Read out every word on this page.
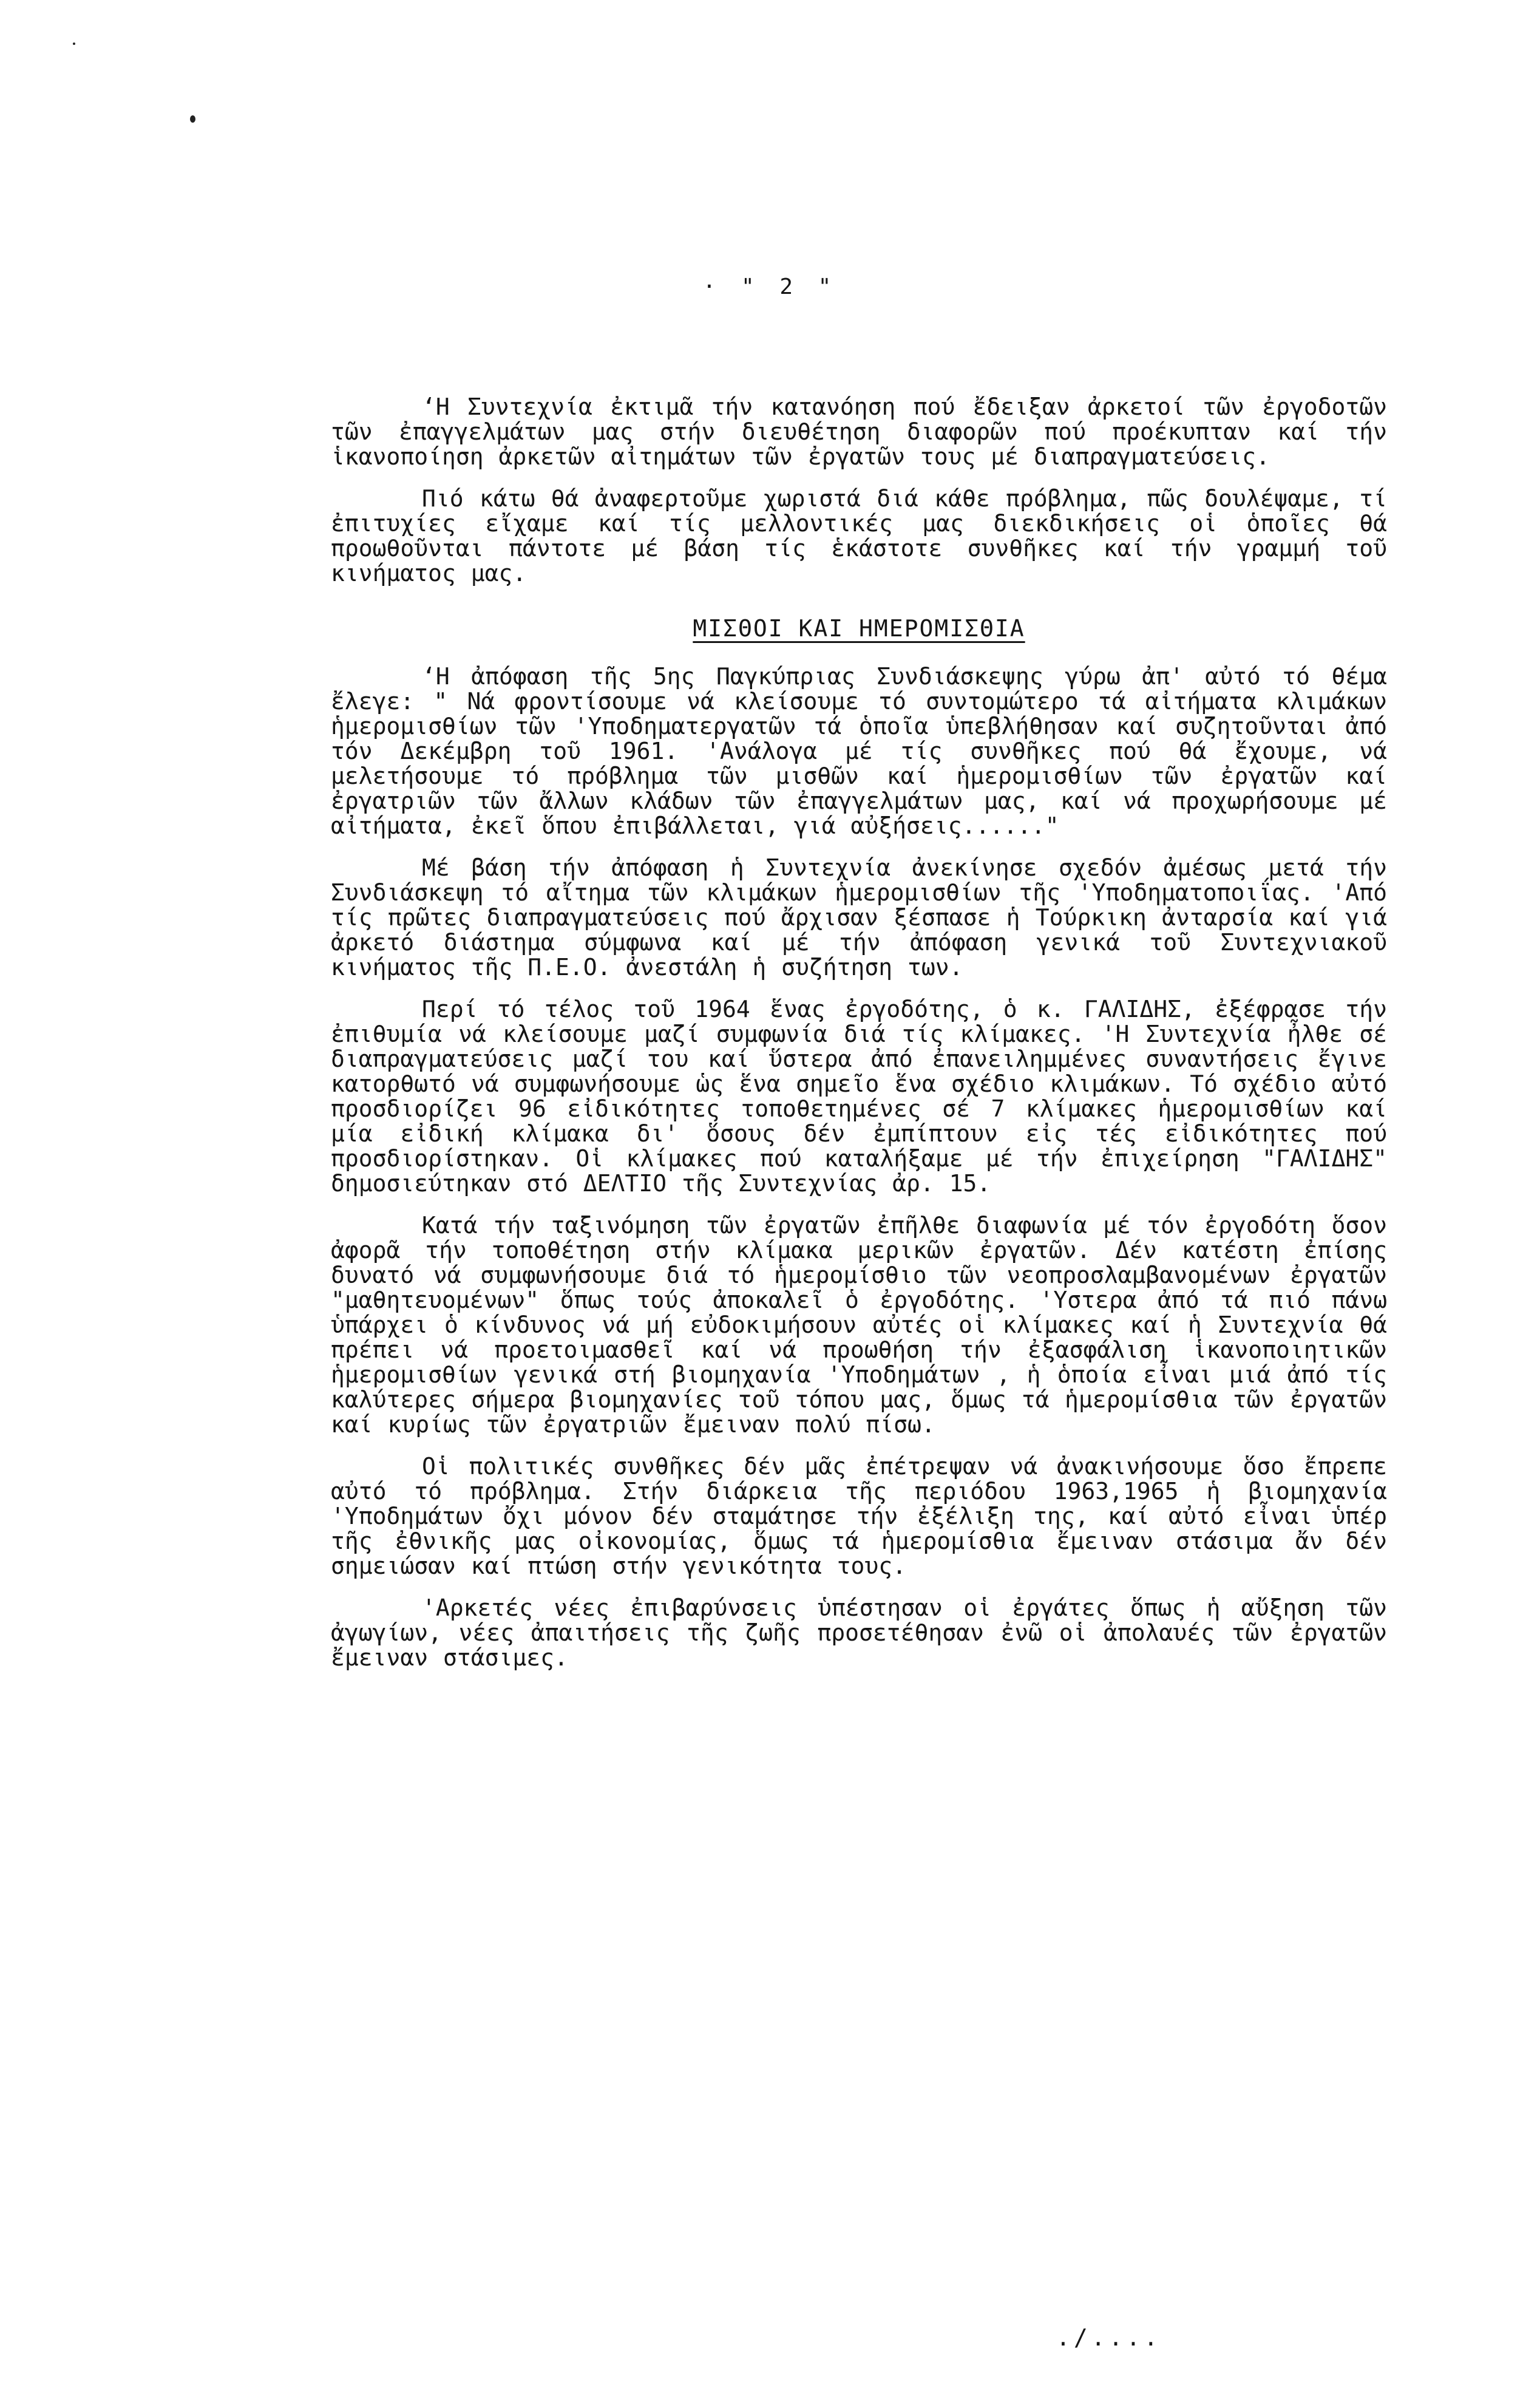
· " 2 "

‘Η Συντεχνία ἐκτιμᾶ τήν κατανόηση πού ἔδειξαν ἀρκετοί τῶν ἐργοδοτῶν τῶν ἐπαγγελμάτων μας στήν διευθέτηση διαφορῶν πού προέκυπταν καί τήν ἱκανοποίηση ἀρκετῶν αἰτημάτων τῶν ἐργατῶν τους μέ διαπραγματεύσεις.

Πιό κάτω θά ἀναφερτοῦμε χωριστά διά κάθε πρόβλημα, πῶς δουλέψαμε, τί ἐπιτυχίες εἴχαμε καί τίς μελλοντικές μας διεκδικήσεις οἱ ὁποῖες θά προωθοῦνται πάντοτε μέ βάση τίς ἑκάστοτε συνθῆκες καί τήν γραμμή τοῦ κινήματος μας.

ΜΙΣΘΟΙ ΚΑΙ ΗΜΕΡΟΜΙΣΘΙΑ

‘Η ἀπόφαση τῆς 5ης Παγκύπριας Συνδιάσκεψης γύρω ἀπ' αὐτό τό θέμα ἔλεγε: " Νά φροντίσουμε νά κλείσουμε τό συντομώτερο τά αἰτήματα κλιμάκων ἡμερομισθίων τῶν 'Υποδηματεργατῶν τά ὁποῖα ὑπεβλήθησαν καί συζητοῦνται ἀπό τόν Δεκέμβρη τοῦ 1961. 'Ανάλογα μέ τίς συνθῆκες πού θά ἔχουμε, νά μελετήσουμε τό πρόβλημα τῶν μισθῶν καί ἡμερομισθίων τῶν ἐργατῶν καί ἐργατριῶν τῶν ἄλλων κλάδων τῶν ἐπαγγελμάτων μας, καί νά προχωρήσουμε μέ αἰτήματα, ἐκεῖ ὅπου ἐπιβάλλεται, γιά αὐξήσεις......"

Μέ βάση τήν ἀπόφαση ἡ Συντεχνία ἀνεκίνησε σχεδόν ἀμέσως μετά τήν Συνδιάσκεψη τό αἴτημα τῶν κλιμάκων ἡμερομισθίων τῆς 'Υποδηματοποιΐας. 'Από τίς πρῶτες διαπραγματεύσεις πού ἄρχισαν ξέσπασε ἡ Τούρκικη ἀνταρσία καί γιά ἀρκετό διάστημα σύμφωνα καί μέ τήν ἀπόφαση γενικά τοῦ Συντεχνιακοῦ κινήματος τῆς Π.Ε.Ο. ἀνεστάλη ἡ συζήτηση των.

Περί τό τέλος τοῦ 1964 ἕνας ἐργοδότης, ὁ κ. ΓΑΛΙΔΗΣ, ἐξέφρασε τήν ἐπιθυμία νά κλείσουμε μαζί συμφωνία διά τίς κλίμακες. 'Η Συντεχνία ἦλθε σέ διαπραγματεύσεις μαζί του καί ὕστερα ἀπό ἐπανειλημμένες συναντήσεις ἔγινε κατορθωτό νά συμφωνήσουμε ὡς ἕνα σημεῖο ἕνα σχέδιο κλιμάκων. Τό σχέδιο αὐτό προσδιορίζει 96 εἰδικότητες τοποθετημένες σέ 7 κλίμακες ἡμερομισθίων καί μία εἰδική κλίμακα δι' ὅσους δέν ἐμπίπτουν εἰς τές εἰδικότητες πού προσδιορίστηκαν. Οἱ κλίμακες πού καταλήξαμε μέ τήν ἐπιχείρηση "ΓΑΛΙΔΗΣ" δημοσιεύτηκαν στό ΔΕΛΤΙΟ τῆς Συντεχνίας ἀρ. 15.

Κατά τήν ταξινόμηση τῶν ἐργατῶν ἐπῆλθε διαφωνία μέ τόν ἐργοδότη ὅσον ἀφορᾶ τήν τοποθέτηση στήν κλίμακα μερικῶν ἐργατῶν. Δέν κατέστη ἐπίσης δυνατό νά συμφωνήσουμε διά τό ἡμερομίσθιο τῶν νεοπροσλαμβανομένων ἐργατῶν "μαθητευομένων" ὅπως τούς ἀποκαλεῖ ὁ ἐργοδότης. 'Υστερα ἀπό τά πιό πάνω ὑπάρχει ὁ κίνδυνος νά μή εὐδοκιμήσουν αὐτές οἱ κλίμακες καί ἡ Συντεχνία θά πρέπει νά προετοιμασθεῖ καί νά προωθήση τήν ἐξασφάλιση ἱκανοποιητικῶν ἡμερομισθίων γενικά στή βιομηχανία 'Υποδημάτων , ἡ ὁποία εἶναι μιά ἀπό τίς καλύτερες σήμερα βιομηχανίες τοῦ τόπου μας, ὅμως τά ἡμερομίσθια τῶν ἐργατῶν καί κυρίως τῶν ἐργατριῶν ἔμειναν πολύ πίσω.

Οἱ πολιτικές συνθῆκες δέν μᾶς ἐπέτρεψαν νά ἀνακινήσουμε ὅσο ἔπρεπε αὐτό τό πρόβλημα. Στήν διάρκεια τῆς περιόδου 1963,1965 ἡ βιομηχανία 'Υποδημάτων ὄχι μόνον δέν σταμάτησε τήν ἐξέλιξη της, καί αὐτό εἶναι ὑπέρ τῆς ἐθνικῆς μας οἰκονομίας, ὅμως τά ἡμερομίσθια ἔμειναν στάσιμα ἄν δέν σημειώσαν καί πτώση στήν γενικότητα τους.

'Αρκετές νέες ἐπιβαρύνσεις ὑπέστησαν οἱ ἐργάτες ὅπως ἡ αὔξηση τῶν ἀγωγίων, νέες ἀπαιτήσεις τῆς ζωῆς προσετέθησαν ἐνῶ οἱ ἀπολαυές τῶν ἐργατῶν ἔμειναν στάσιμες.

./....
